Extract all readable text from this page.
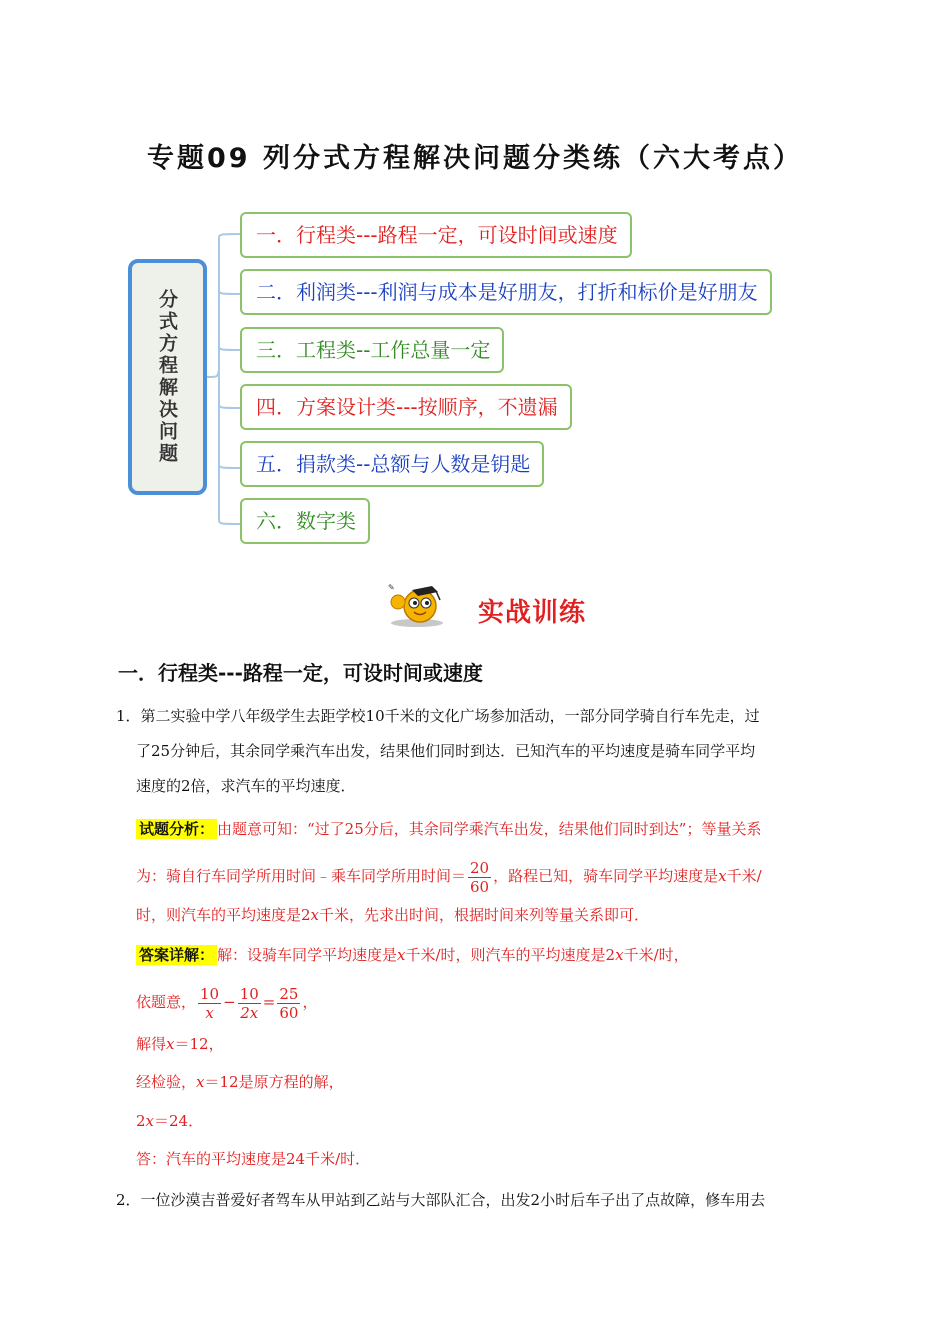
专题09 列分式方程解决问题分类练（六大考点）
分式方程解决问题
一．行程类---路程一定，可设时间或速度
二．利润类---利润与成本是好朋友，打折和标价是好朋友
三．工程类--工作总量一定
四．方案设计类---按顺序，不遗漏
五．捐款类--总额与人数是钥匙
六．数字类
✎
实战训练
一．行程类---路程一定，可设时间或速度
1．第二实验中学八年级学生去距学校10千米的文化广场参加活动，一部分同学骑自行车先走，过
了25分钟后，其余同学乘汽车出发，结果他们同时到达．已知汽车的平均速度是骑车同学平均
速度的2倍，求汽车的平均速度．
试题分析： 由题意可知：“过了25分后，其余同学乘汽车出发，结果他们同时到达”；等量关系
为：骑自行车同学所用时间﹣乘车同学所用时间＝ $\frac{20}{60}$ ，路程已知，骑车同学平均速度是x千米/
时，则汽车的平均速度是2x千米，先求出时间，根据时间来列等量关系即可．
答案详解： 解：设骑车同学平均速度是x千米/时，则汽车的平均速度是2x千米/时，
依题意， $\frac{10}{x} - \frac{10}{2x} = \frac{25}{60}$ ，
解得x＝12，
经检验，x＝12是原方程的解，
2x＝24．
答：汽车的平均速度是24千米/时．
2．一位沙漠吉普爱好者驾车从甲站到乙站与大部队汇合，出发2小时后车子出了点故障，修车用去
